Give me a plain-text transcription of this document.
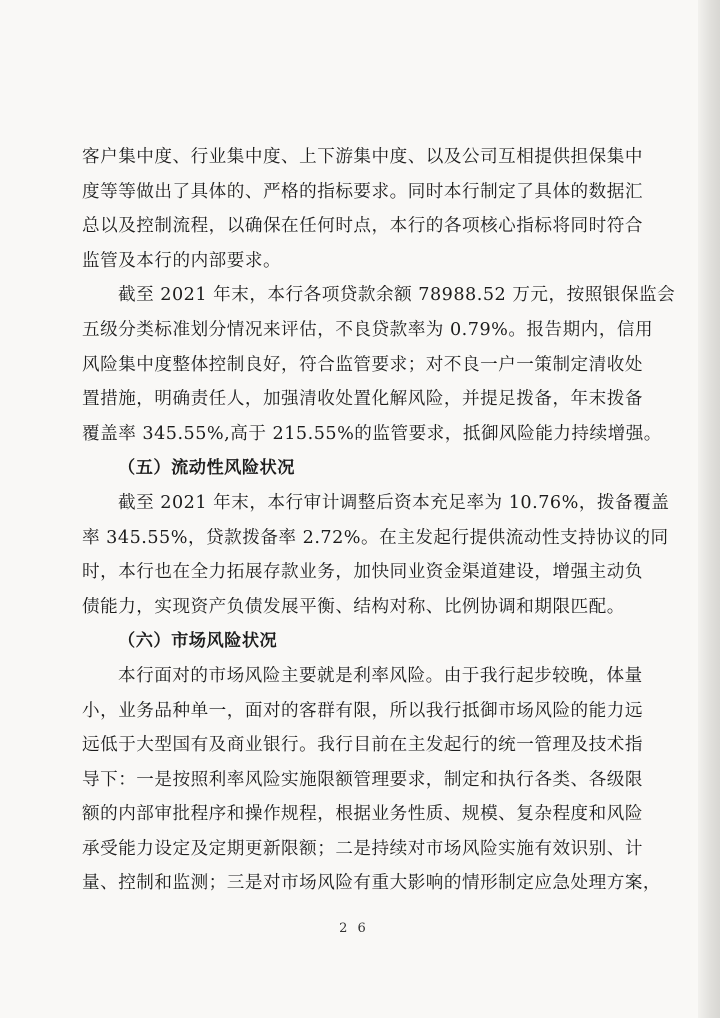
客户集中度、行业集中度、上下游集中度、以及公司互相提供担保集中
度等等做出了具体的、严格的指标要求。同时本行制定了具体的数据汇
总以及控制流程，以确保在任何时点，本行的各项核心指标将同时符合
监管及本行的内部要求。
截至 2021 年末，本行各项贷款余额 78988.52 万元，按照银保监会
五级分类标准划分情况来评估，不良贷款率为 0.79%。报告期内，信用
风险集中度整体控制良好，符合监管要求；对不良一户一策制定清收处
置措施，明确责任人，加强清收处置化解风险，并提足拨备，年末拨备
覆盖率 345.55%,高于 215.55%的监管要求，抵御风险能力持续增强。
（五）流动性风险状况
截至 2021 年末，本行审计调整后资本充足率为 10.76%，拨备覆盖
率 345.55%，贷款拨备率 2.72%。在主发起行提供流动性支持协议的同
时，本行也在全力拓展存款业务，加快同业资金渠道建设，增强主动负
债能力，实现资产负债发展平衡、结构对称、比例协调和期限匹配。
（六）市场风险状况
本行面对的市场风险主要就是利率风险。由于我行起步较晚，体量
小，业务品种单一，面对的客群有限，所以我行抵御市场风险的能力远
远低于大型国有及商业银行。我行目前在主发起行的统一管理及技术指
导下：一是按照利率风险实施限额管理要求，制定和执行各类、各级限
额的内部审批程序和操作规程，根据业务性质、规模、复杂程度和风险
承受能力设定及定期更新限额；二是持续对市场风险实施有效识别、计
量、控制和监测；三是对市场风险有重大影响的情形制定应急处理方案，
2 6
